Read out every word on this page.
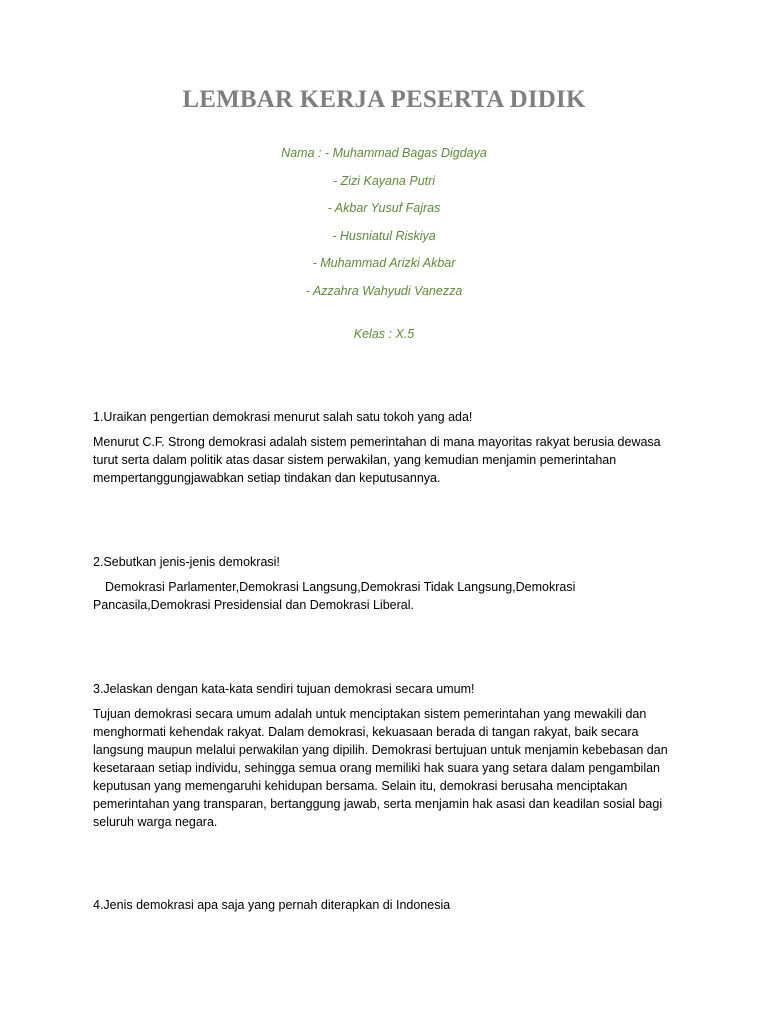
LEMBAR KERJA PESERTA DIDIK
Nama : - Muhammad Bagas Digdaya
- Zizi Kayana Putri
- Akbar Yusuf Fajras
- Husniatul Riskiya
- Muhammad Arizki Akbar
- Azzahra Wahyudi Vanezza
Kelas : X.5

1.Uraikan pengertian demokrasi menurut salah satu tokoh yang ada!

Menurut C.F. Strong demokrasi adalah sistem pemerintahan di mana mayoritas rakyat berusia dewasa turut serta dalam politik atas dasar sistem perwakilan, yang kemudian menjamin pemerintahan mempertanggungjawabkan setiap tindakan dan keputusannya.

2.Sebutkan jenis-jenis demokrasi!

Demokrasi Parlamenter,Demokrasi Langsung,Demokrasi Tidak Langsung,Demokrasi Pancasila,Demokrasi Presidensial dan Demokrasi Liberal.

3.Jelaskan dengan kata-kata sendiri tujuan demokrasi secara umum!

Tujuan demokrasi secara umum adalah untuk menciptakan sistem pemerintahan yang mewakili dan menghormati kehendak rakyat. Dalam demokrasi, kekuasaan berada di tangan rakyat, baik secara langsung maupun melalui perwakilan yang dipilih. Demokrasi bertujuan untuk menjamin kebebasan dan kesetaraan setiap individu, sehingga semua orang memiliki hak suara yang setara dalam pengambilan keputusan yang memengaruhi kehidupan bersama. Selain itu, demokrasi berusaha menciptakan pemerintahan yang transparan, bertanggung jawab, serta menjamin hak asasi dan keadilan sosial bagi seluruh warga negara.

4.Jenis demokrasi apa saja yang pernah diterapkan di Indonesia
